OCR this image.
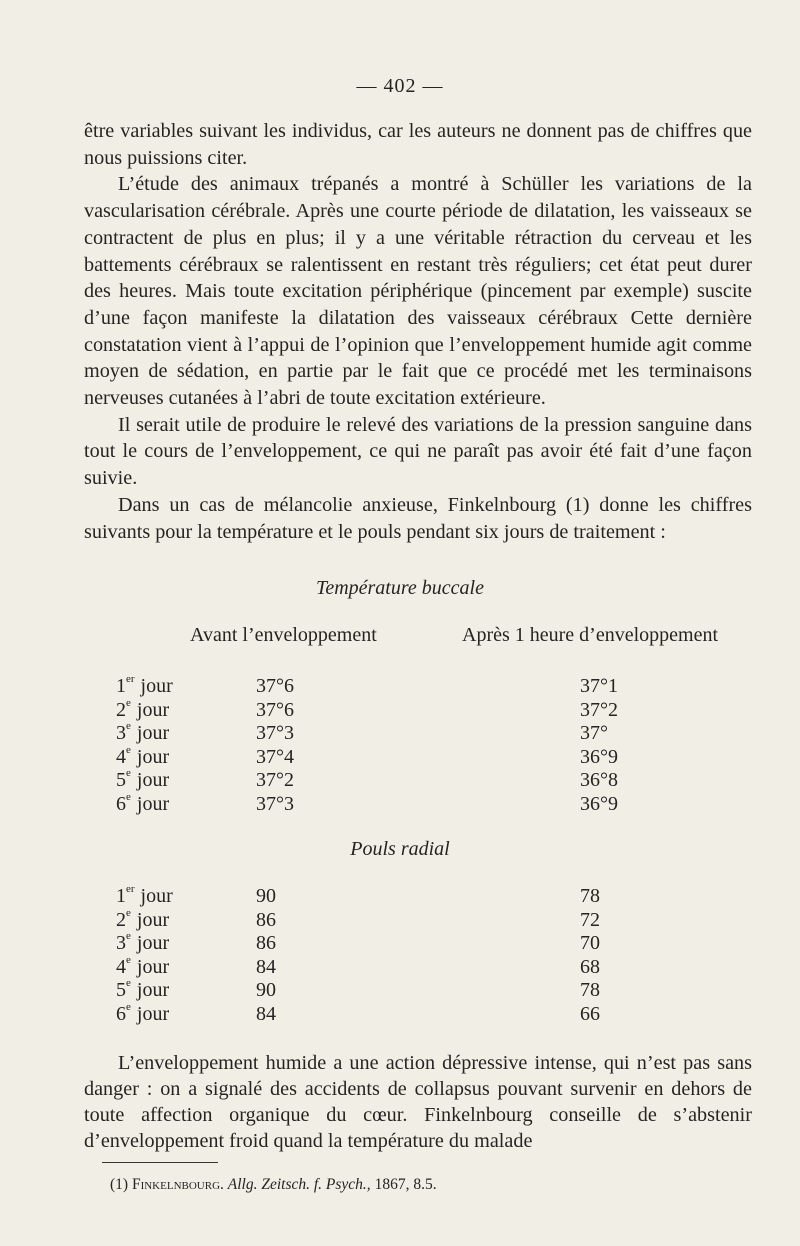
— 402 —

être variables suivant les individus, car les auteurs ne donnent pas de chiffres que nous puissions citer.

L’étude des animaux trépanés a montré à Schüller les variations de la vascularisation cérébrale. Après une courte période de dilatation, les vaisseaux se contractent de plus en plus; il y a une véritable rétraction du cerveau et les battements cérébraux se ralentissent en restant très réguliers; cet état peut durer des heures. Mais toute excitation périphérique (pincement par exemple) suscite d’une façon manifeste la dilatation des vaisseaux cérébraux Cette dernière constatation vient à l’appui de l’opinion que l’enveloppement humide agit comme moyen de sédation, en partie par le fait que ce procédé met les terminaisons nerveuses cutanées à l’abri de toute excitation extérieure.

Il serait utile de produire le relevé des variations de la pression sanguine dans tout le cours de l’enveloppement, ce qui ne paraît pas avoir été fait d’une façon suivie.

Dans un cas de mélancolie anxieuse, Finkelnbourg (1) donne les chiffres suivants pour la température et le pouls pendant six jours de traitement :

Température buccale
Avant l’enveloppement	Après 1 heure d’enveloppement
1er jour	37°6	37°1
2e jour	37°6	37°2
3e jour	37°3	37°
4e jour	37°4	36°9
5e jour	37°2	36°8
6e jour	37°3	36°9
Pouls radial
1er jour	90	78
2e jour	86	72
3e jour	86	70
4e jour	84	68
5e jour	90	78
6e jour	84	66

L’enveloppement humide a une action dépressive intense, qui n’est pas sans danger : on a signalé des accidents de collapsus pouvant survenir en dehors de toute affection organique du cœur. Finkelnbourg conseille de s’abstenir d’enveloppement froid quand la température du malade

(1) Finkelnbourg. Allg. Zeitsch. f. Psych., 1867, 8.5.
